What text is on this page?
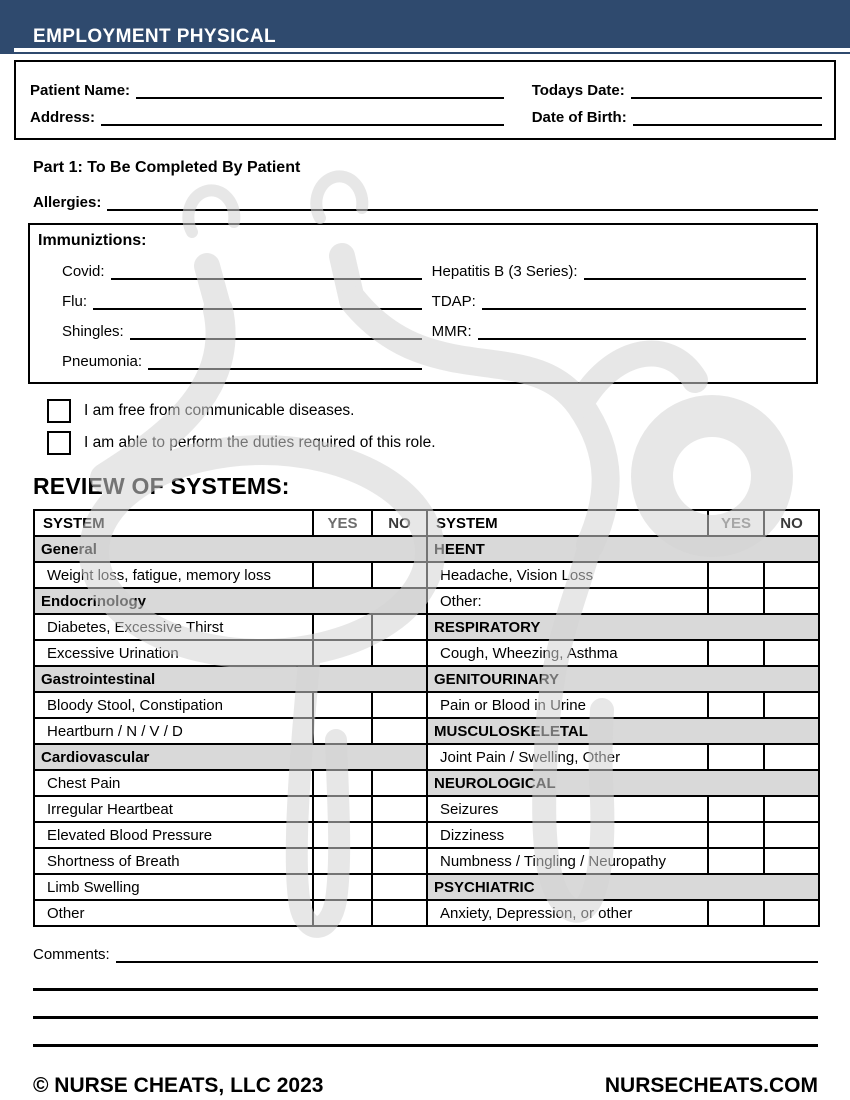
EMPLOYMENT PHYSICAL
Patient Name:
Address:
Todays Date:
Date of Birth:
Part 1: To Be Completed By Patient
Allergies:
Immuniztions:
Covid:
Flu:
Shingles:
Pneumonia:
Hepatitis B (3 Series):
TDAP:
MMR:
I am free from communicable diseases.
I am able to perform the duties required of this role.
REVIEW OF SYSTEMS:
SYSTEM	YES	NO	SYSTEM	YES	NO
General			HEENT		
Weight loss, fatigue, memory loss			Headache, Vision Loss		
Endocrinology			Other:		
Diabetes, Excessive Thirst			RESPIRATORY		
Excessive Urination			Cough, Wheezing, Asthma		
Gastrointestinal			GENITOURINARY		
Bloody Stool, Constipation			Pain or Blood in Urine		
Heartburn / N / V / D			MUSCULOSKELETAL		
Cardiovascular			Joint Pain / Swelling, Other		
Chest Pain			NEUROLOGICAL		
Irregular Heartbeat			Seizures		
Elevated Blood Pressure			Dizziness		
Shortness of Breath			Numbness / Tingling / Neuropathy		
Limb Swelling			PSYCHIATRIC		
Other			Anxiety, Depression, or other		
Comments:
© NURSE CHEATS, LLC 2023	NURSECHEATS.COM
